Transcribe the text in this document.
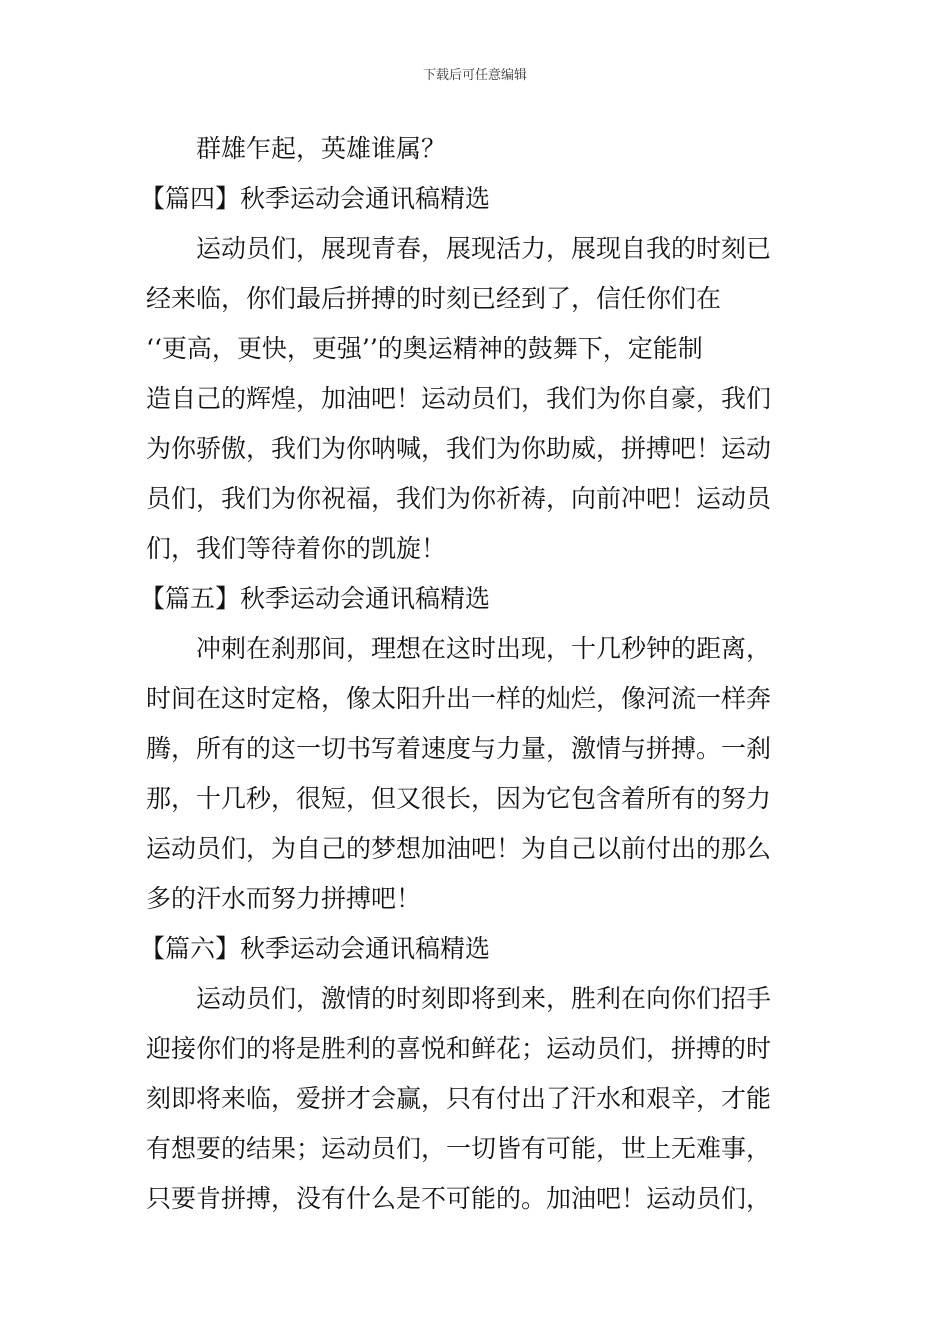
下载后可任意编辑
群雄乍起，英雄谁属？
【篇四】秋季运动会通讯稿精选
运动员们，展现青春，展现活力，展现自我的时刻已
经来临，你们最后拼搏的时刻已经到了，信任你们在
‘‘更高，更快，更强’’的奥运精神的鼓舞下，定能制
造自己的辉煌，加油吧！运动员们，我们为你自豪，我们
为你骄傲，我们为你呐喊，我们为你助威，拼搏吧！运动
员们，我们为你祝福，我们为你祈祷，向前冲吧！运动员
们，我们等待着你的凯旋！
【篇五】秋季运动会通讯稿精选
冲刺在刹那间，理想在这时出现，十几秒钟的距离，
时间在这时定格，像太阳升出一样的灿烂，像河流一样奔
腾，所有的这一切书写着速度与力量，激情与拼搏。一刹
那，十几秒，很短，但又很长，因为它包含着所有的努力
运动员们，为自己的梦想加油吧！为自己以前付出的那么
多的汗水而努力拼搏吧！
【篇六】秋季运动会通讯稿精选
运动员们，激情的时刻即将到来，胜利在向你们招手
迎接你们的将是胜利的喜悦和鲜花；运动员们，拼搏的时
刻即将来临，爱拼才会赢，只有付出了汗水和艰辛，才能
有想要的结果；运动员们，一切皆有可能，世上无难事，
只要肯拼搏，没有什么是不可能的。加油吧！运动员们，
